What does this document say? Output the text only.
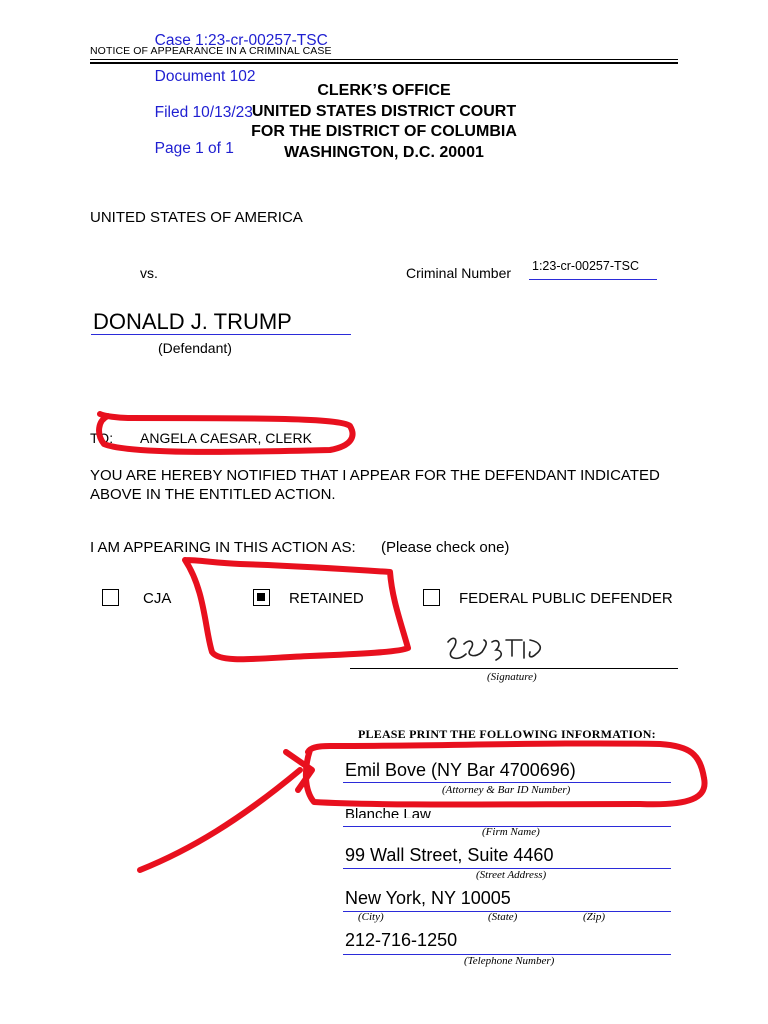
Case 1:23-cr-00257-TSC

Document 102

Filed 10/13/23

Page 1 of 1

NOTICE OF APPEARANCE IN A CRIMINAL CASE
CLERK’S OFFICE
UNITED STATES DISTRICT COURT
FOR THE DISTRICT OF COLUMBIA
WASHINGTON, D.C. 20001
UNITED STATES OF AMERICA
vs.	Criminal Number 1:23-cr-00257-TSC
DONALD J. TRUMP
(Defendant)
TO: ANGELA CAESAR, CLERK
YOU ARE HEREBY NOTIFIED THAT I APPEAR FOR THE DEFENDANT INDICATED
ABOVE IN THE ENTITLED ACTION.
I AM APPEARING IN THIS ACTION AS: (Please check one)
CJA	RETAINED	FEDERAL PUBLIC DEFENDER
(Signature)
PLEASE PRINT THE FOLLOWING INFORMATION:
Emil Bove (NY Bar 4700696)
(Attorney & Bar ID Number)
Blanche Law
(Firm Name)
99 Wall Street, Suite 4460
(Street Address)
New York, NY 10005
(City)	(State)	(Zip)
212-716-1250
(Telephone Number)
